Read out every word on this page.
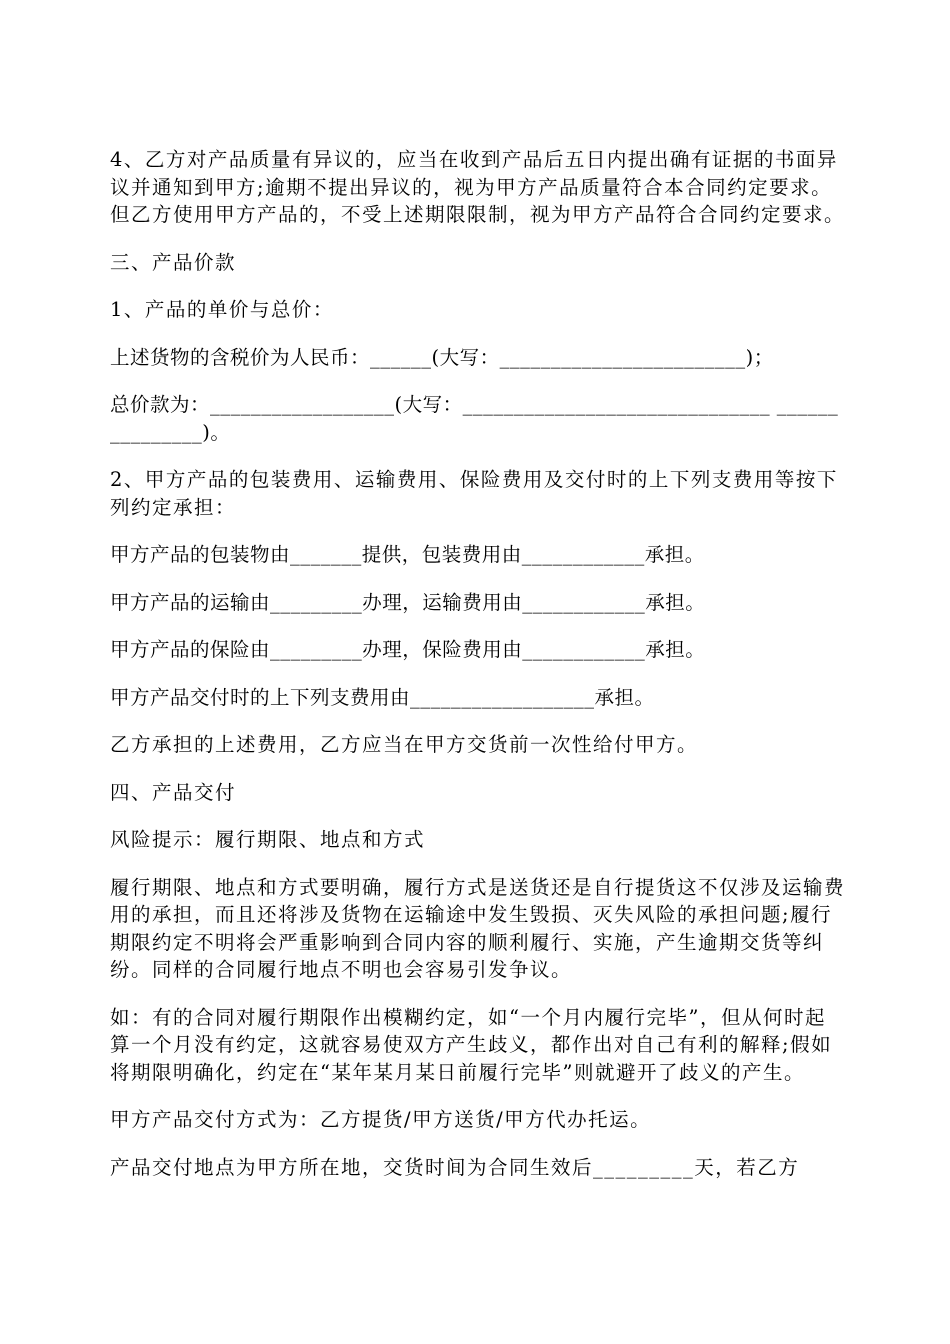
4、乙方对产品质量有异议的，应当在收到产品后五日内提出确有证据的书面异议并通知到甲方;逾期不提出异议的，视为甲方产品质量符合本合同约定要求。但乙方使用甲方产品的，不受上述期限限制，视为甲方产品符合合同约定要求。

三、产品价款

1、产品的单价与总价：

上述货物的含税价为人民币：______(大写：________________________)；

总价款为：__________________(大写：______________________________ _______________)。

2、甲方产品的包装费用、运输费用、保险费用及交付时的上下列支费用等按下列约定承担：

甲方产品的包装物由_______提供，包装费用由____________承担。

甲方产品的运输由_________办理，运输费用由____________承担。

甲方产品的保险由_________办理，保险费用由____________承担。

甲方产品交付时的上下列支费用由__________________承担。

乙方承担的上述费用，乙方应当在甲方交货前一次性给付甲方。

四、产品交付

风险提示：履行期限、地点和方式

履行期限、地点和方式要明确，履行方式是送货还是自行提货这不仅涉及运输费用的承担，而且还将涉及货物在运输途中发生毁损、灭失风险的承担问题;履行期限约定不明将会严重影响到合同内容的顺利履行、实施，产生逾期交货等纠纷。同样的合同履行地点不明也会容易引发争议。

如：有的合同对履行期限作出模糊约定，如“一个月内履行完毕”，但从何时起算一个月没有约定，这就容易使双方产生歧义，都作出对自己有利的解释;假如将期限明确化，约定在“某年某月某日前履行完毕”则就避开了歧义的产生。

甲方产品交付方式为：乙方提货/甲方送货/甲方代办托运。

产品交付地点为甲方所在地，交货时间为合同生效后_________天，若乙方
